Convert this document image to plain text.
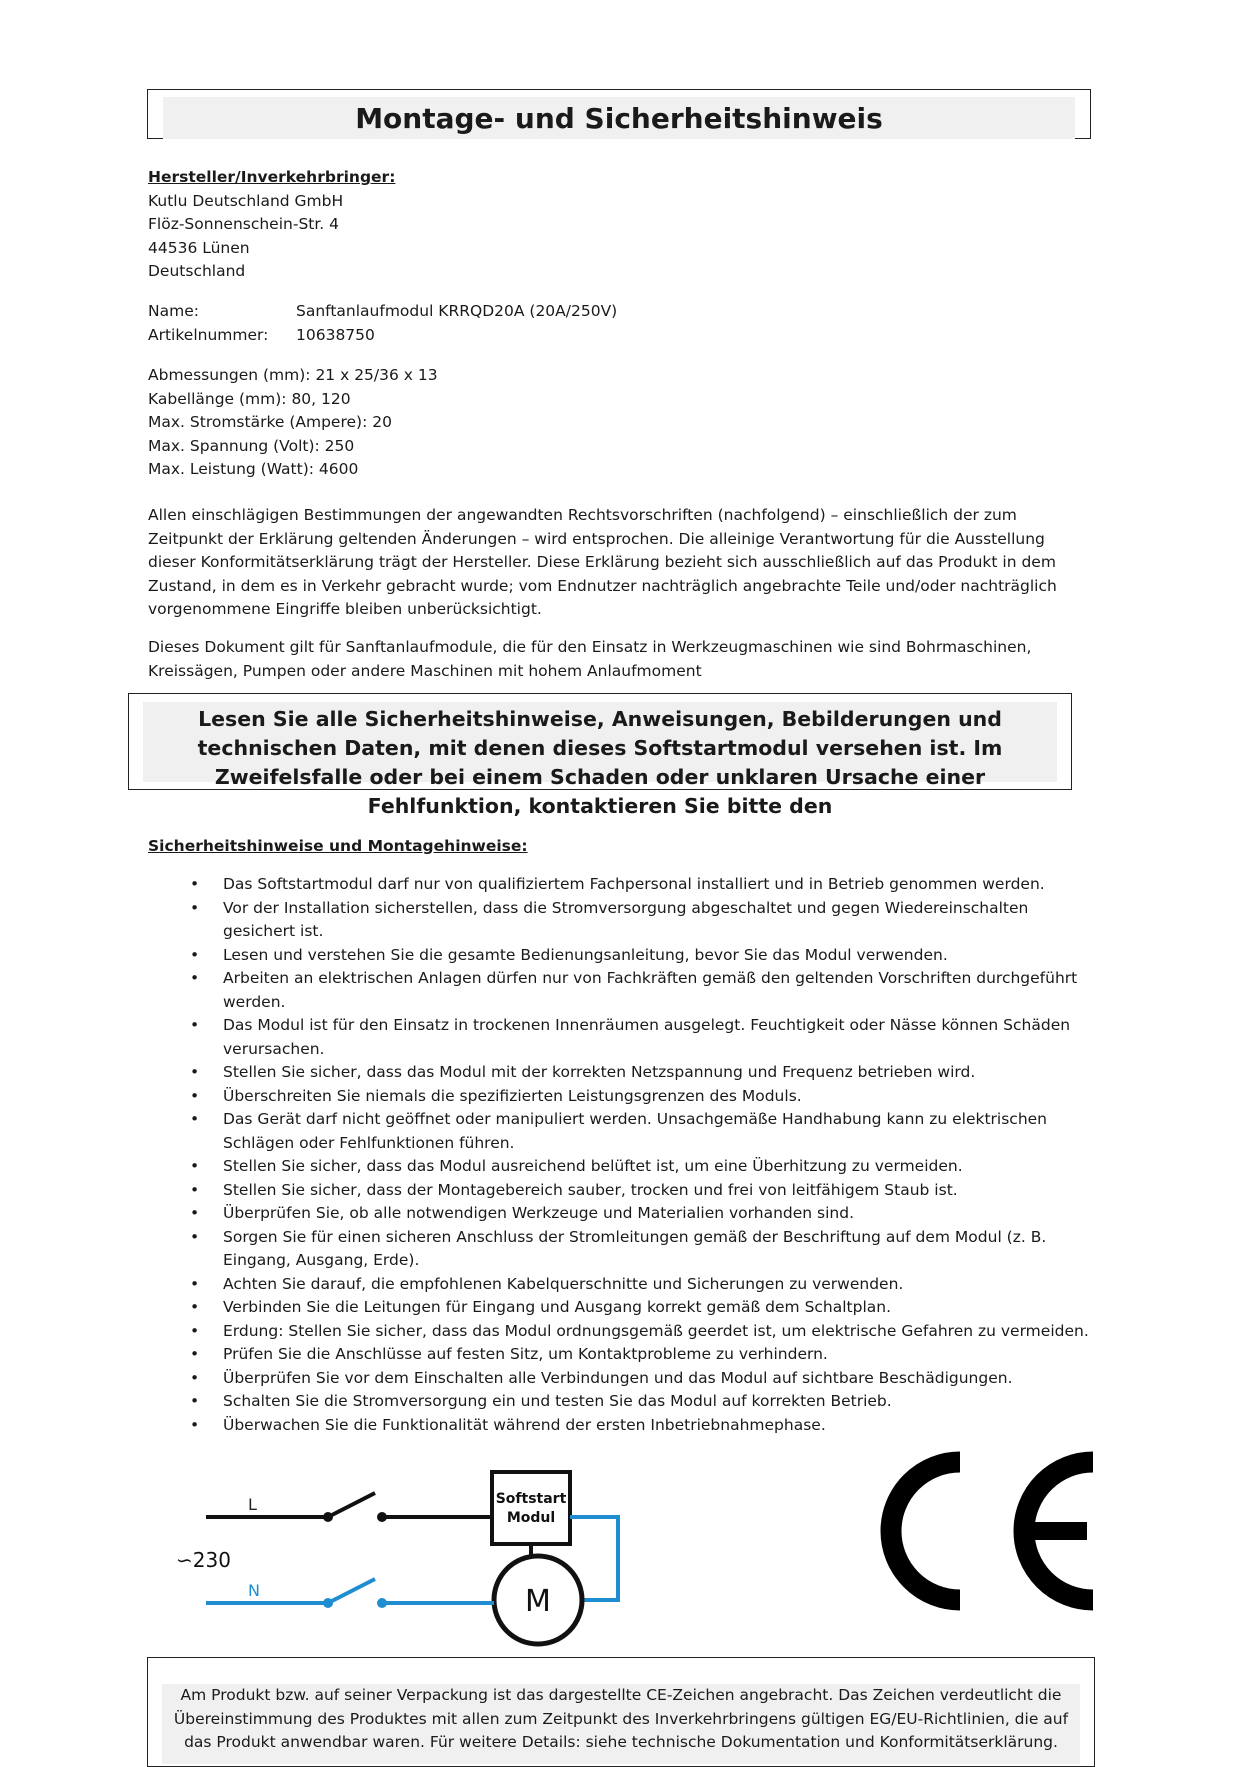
Montage- und Sicherheitshinweis
Hersteller/Inverkehrbringer:
Kutlu Deutschland GmbH
Flöz-Sonnenschein-Str. 4
44536 Lünen
Deutschland
Name:	Sanftanlaufmodul KRRQD20A (20A/250V)
Artikelnummer:	10638750
Abmessungen (mm): 21 x 25/36 x 13
Kabellänge (mm): 80, 120
Max. Stromstärke (Ampere): 20
Max. Spannung (Volt): 250
Max. Leistung (Watt): 4600
Allen einschlägigen Bestimmungen der angewandten Rechtsvorschriften (nachfolgend) – einschließlich der zum Zeitpunkt der Erklärung geltenden Änderungen – wird entsprochen. Die alleinige Verantwortung für die Ausstellung dieser Konformitätserklärung trägt der Hersteller. Diese Erklärung bezieht sich ausschließlich auf das Produkt in dem Zustand, in dem es in Verkehr gebracht wurde; vom Endnutzer nachträglich angebrachte Teile und/oder nachträglich vorgenommene Eingriffe bleiben unberücksichtigt.
Dieses Dokument gilt für Sanftanlaufmodule, die für den Einsatz in Werkzeugmaschinen wie sind Bohrmaschinen, Kreissägen, Pumpen oder andere Maschinen mit hohem Anlaufmoment
Lesen Sie alle Sicherheitshinweise, Anweisungen, Bebilderungen und technischen Daten, mit denen dieses Softstartmodul versehen ist. Im Zweifelsfalle oder bei einem Schaden oder unklaren Ursache einer Fehlfunktion, kontaktieren Sie bitte den
Sicherheitshinweise und Montagehinweise:
• Das Softstartmodul darf nur von qualifiziertem Fachpersonal installiert und in Betrieb genommen werden.
• Vor der Installation sicherstellen, dass die Stromversorgung abgeschaltet und gegen Wiedereinschalten gesichert ist.
• Lesen und verstehen Sie die gesamte Bedienungsanleitung, bevor Sie das Modul verwenden.
• Arbeiten an elektrischen Anlagen dürfen nur von Fachkräften gemäß den geltenden Vorschriften durchgeführt werden.
• Das Modul ist für den Einsatz in trockenen Innenräumen ausgelegt. Feuchtigkeit oder Nässe können Schäden verursachen.
• Stellen Sie sicher, dass das Modul mit der korrekten Netzspannung und Frequenz betrieben wird.
• Überschreiten Sie niemals die spezifizierten Leistungsgrenzen des Moduls.
• Das Gerät darf nicht geöffnet oder manipuliert werden. Unsachgemäße Handhabung kann zu elektrischen Schlägen oder Fehlfunktionen führen.
• Stellen Sie sicher, dass das Modul ausreichend belüftet ist, um eine Überhitzung zu vermeiden.
• Stellen Sie sicher, dass der Montagebereich sauber, trocken und frei von leitfähigem Staub ist.
• Überprüfen Sie, ob alle notwendigen Werkzeuge und Materialien vorhanden sind.
• Sorgen Sie für einen sicheren Anschluss der Stromleitungen gemäß der Beschriftung auf dem Modul (z. B. Eingang, Ausgang, Erde).
• Achten Sie darauf, die empfohlenen Kabelquerschnitte und Sicherungen zu verwenden.
• Verbinden Sie die Leitungen für Eingang und Ausgang korrekt gemäß dem Schaltplan.
• Erdung: Stellen Sie sicher, dass das Modul ordnungsgemäß geerdet ist, um elektrische Gefahren zu vermeiden.
• Prüfen Sie die Anschlüsse auf festen Sitz, um Kontaktprobleme zu verhindern.
• Überprüfen Sie vor dem Einschalten alle Verbindungen und das Modul auf sichtbare Beschädigungen.
• Schalten Sie die Stromversorgung ein und testen Sie das Modul auf korrekten Betrieb.
• Überwachen Sie die Funktionalität während der ersten Inbetriebnahmephase.
L	Softstart
Modul
M
∽230
N
Am Produkt bzw. auf seiner Verpackung ist das dargestellte CE-Zeichen angebracht. Das Zeichen verdeutlicht die Übereinstimmung des Produktes mit allen zum Zeitpunkt des Inverkehrbringens gültigen EG/EU-Richtlinien, die auf das Produkt anwendbar waren. Für weitere Details: siehe technische Dokumentation und Konformitätserklärung.
